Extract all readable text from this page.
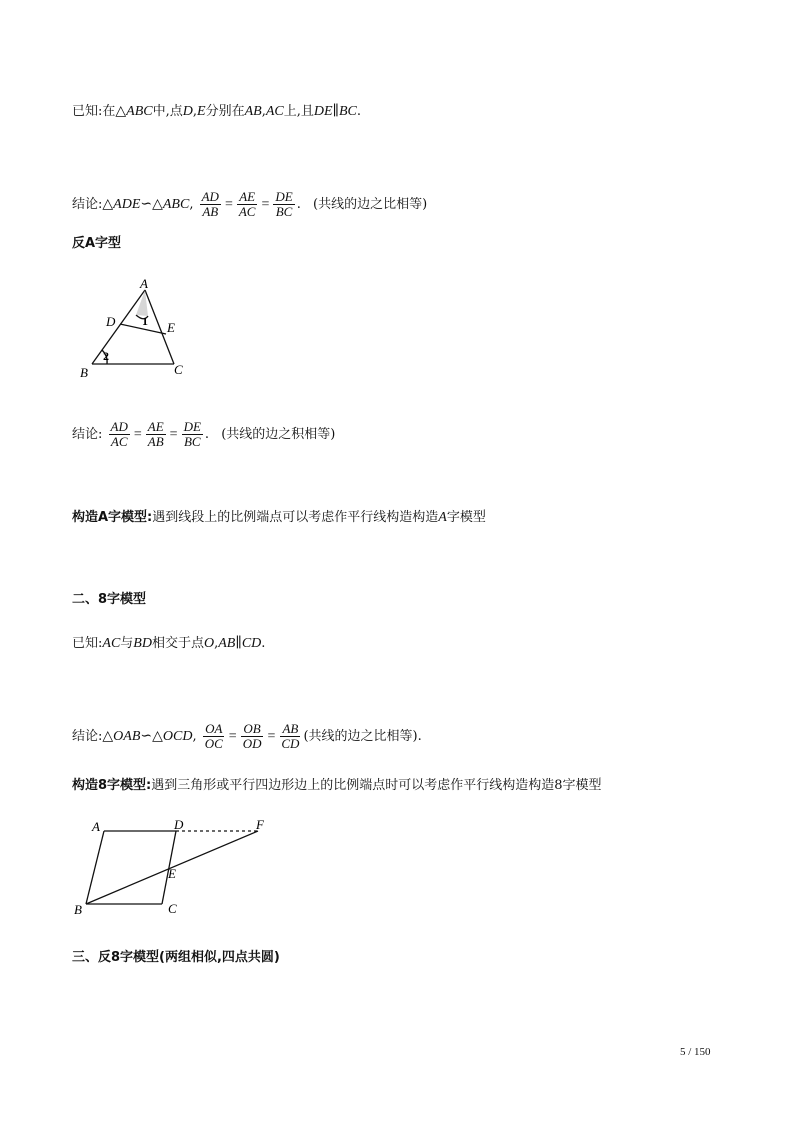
已知:在△ABC中,点D,E分别在AB,AC上,且DE∥BC.
结论:△ADE∽△ABC, $\frac{AD}{AB} = \frac{AE}{AC} = \frac{DE}{BC}$ . (共线的边之比相等)
反A字型
A
D	E
B	C
1
2
结论: $\frac{AD}{AC} = \frac{AE}{AB} = \frac{DE}{BC}$ . (共线的边之积相等)
构造A字模型:遇到线段上的比例端点可以考虑作平行线构造构造A字模型
二、8字模型
已知:AC与BD相交于点O,AB∥CD.
结论:△OAB∽△OCD, $\frac{OA}{OC} = \frac{OB}{OD} = \frac{AB}{CD}$ (共线的边之比相等).
构造8字模型:遇到三角形或平行四边形边上的比例端点时可以考虑作平行线构造构造8字模型
A	D	F
E
B	C
三、反8字模型(两组相似,四点共圆)
5 / 150
